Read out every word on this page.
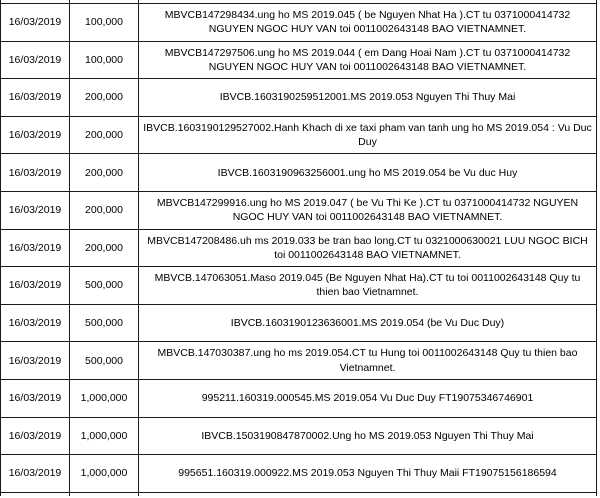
16/03/2019	100,000	MBVCB147298434.ung ho MS 2019.045 ( be Nguyen Nhat Ha ).CT tu 0371000414732 NGUYEN NGOC HUY VAN toi 0011002643148 BAO VIETNAMNET.
16/03/2019	100,000	MBVCB147297506.ung ho MS 2019.044 ( em Dang Hoai Nam ).CT tu 0371000414732 NGUYEN NGOC HUY VAN toi 0011002643148 BAO VIETNAMNET.
16/03/2019	200,000	IBVCB.1603190259512001.MS 2019.053 Nguyen Thi Thuy Mai
16/03/2019	200,000	IBVCB.1603190129527002.Hanh Khach di xe taxi pham van tanh ung ho MS 2019.054 : Vu Duc Duy
16/03/2019	200,000	IBVCB.1603190963256001.ung ho MS 2019.054 be Vu duc Huy
16/03/2019	200,000	MBVCB147299916.ung ho MS 2019.047 ( be Vu Thi Ke ).CT tu 0371000414732 NGUYEN NGOC HUY VAN toi 0011002643148 BAO VIETNAMNET.
16/03/2019	200,000	MBVCB147208486.uh ms 2019.033 be tran bao long.CT tu 0321000630021 LUU NGOC BICH toi 0011002643148 BAO VIETNAMNET.
16/03/2019	500,000	MBVCB.147063051.Maso 2019.045 (Be Nguyen Nhat Ha).CT tu toi 0011002643148 Quy tu thien bao Vietnamnet.
16/03/2019	500,000	IBVCB.1603190123636001.MS 2019.054 (be Vu Duc Duy)
16/03/2019	500,000	MBVCB.147030387.ung ho ms 2019.054.CT tu Hung toi 0011002643148 Quy tu thien bao Vietnamnet.
16/03/2019	1,000,000	995211.160319.000545.MS 2019.054 Vu Duc Duy FT19075346746901
16/03/2019	1,000,000	IBVCB.1503190847870002.Ung ho MS 2019.053 Nguyen Thi Thuy Mai
16/03/2019	1,000,000	995651.160319.000922.MS 2019.053 Nguyen Thi Thuy Maii FT19075156186594
